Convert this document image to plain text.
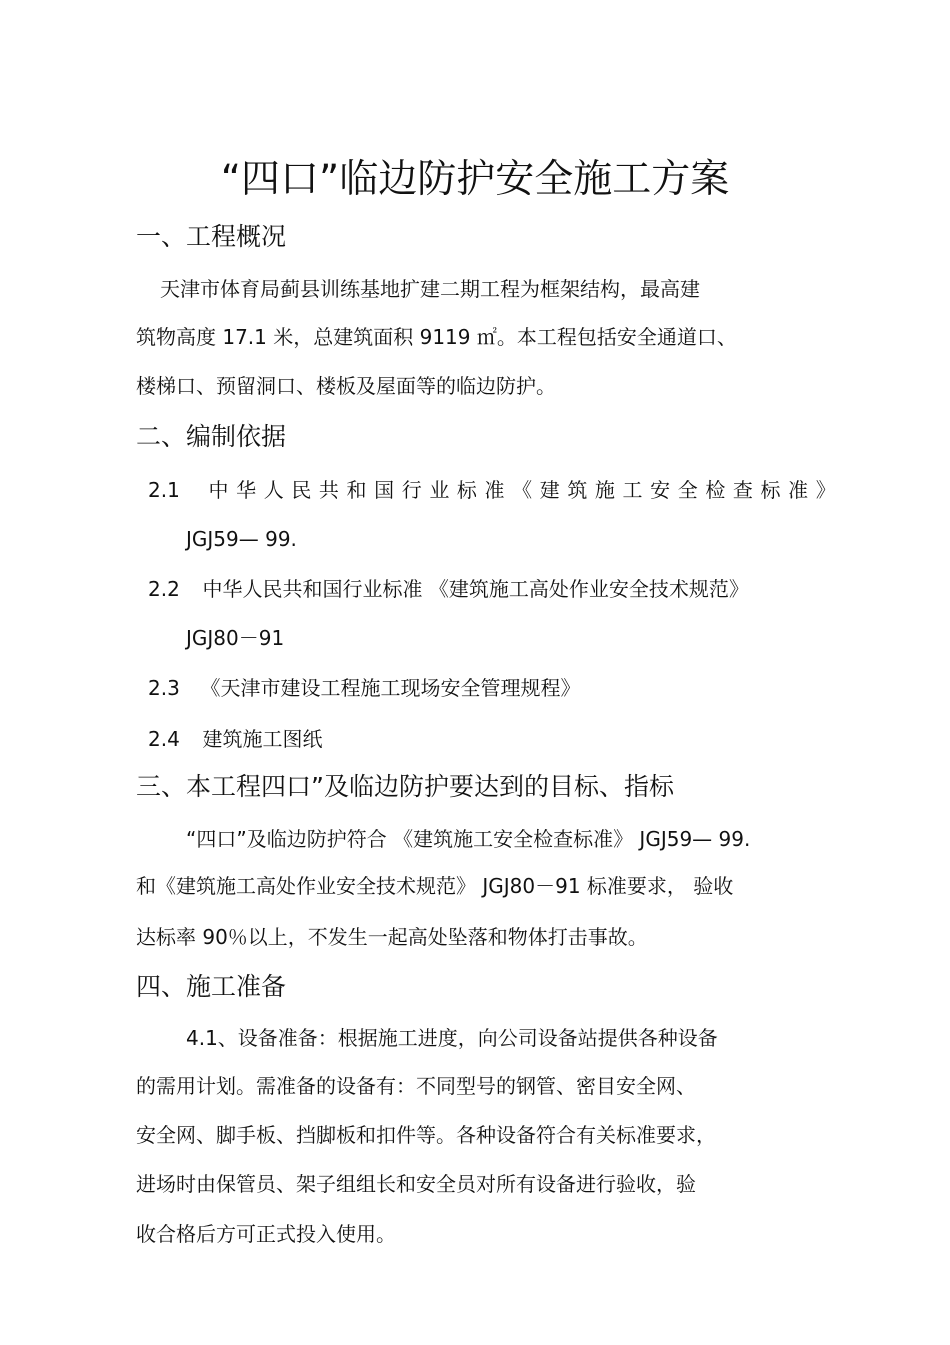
“四口”临边防护安全施工方案
一、工程概况
天津市体育局蓟县训练基地扩建二期工程为框架结构，最高建
筑物高度 17.1 米，总建筑面积 9119 ㎡。本工程包括安全通道口、
楼梯口、预留洞口、楼板及屋面等的临边防护。
二、编制依据
2.1 中华人民共和国行业标准《建筑施工安全检查标准》
JGJ59— 99.
2.2 中华人民共和国行业标准 《建筑施工高处作业安全技术规范》
JGJ80－91
2.3 《天津市建设工程施工现场安全管理规程》
2.4 建筑施工图纸
三、本工程四口”及临边防护要达到的目标、指标
“四口”及临边防护符合 《建筑施工安全检查标准》 JGJ59— 99.
和《建筑施工高处作业安全技术规范》 JGJ80－91 标准要求， 验收
达标率 90％以上，不发生一起高处坠落和物体打击事故。
四、施工准备
4.1、设备准备：根据施工进度，向公司设备站提供各种设备
的需用计划。需准备的设备有：不同型号的钢管、密目安全网、
安全网、脚手板、挡脚板和扣件等。各种设备符合有关标准要求，
进场时由保管员、架子组组长和安全员对所有设备进行验收，验
收合格后方可正式投入使用。
